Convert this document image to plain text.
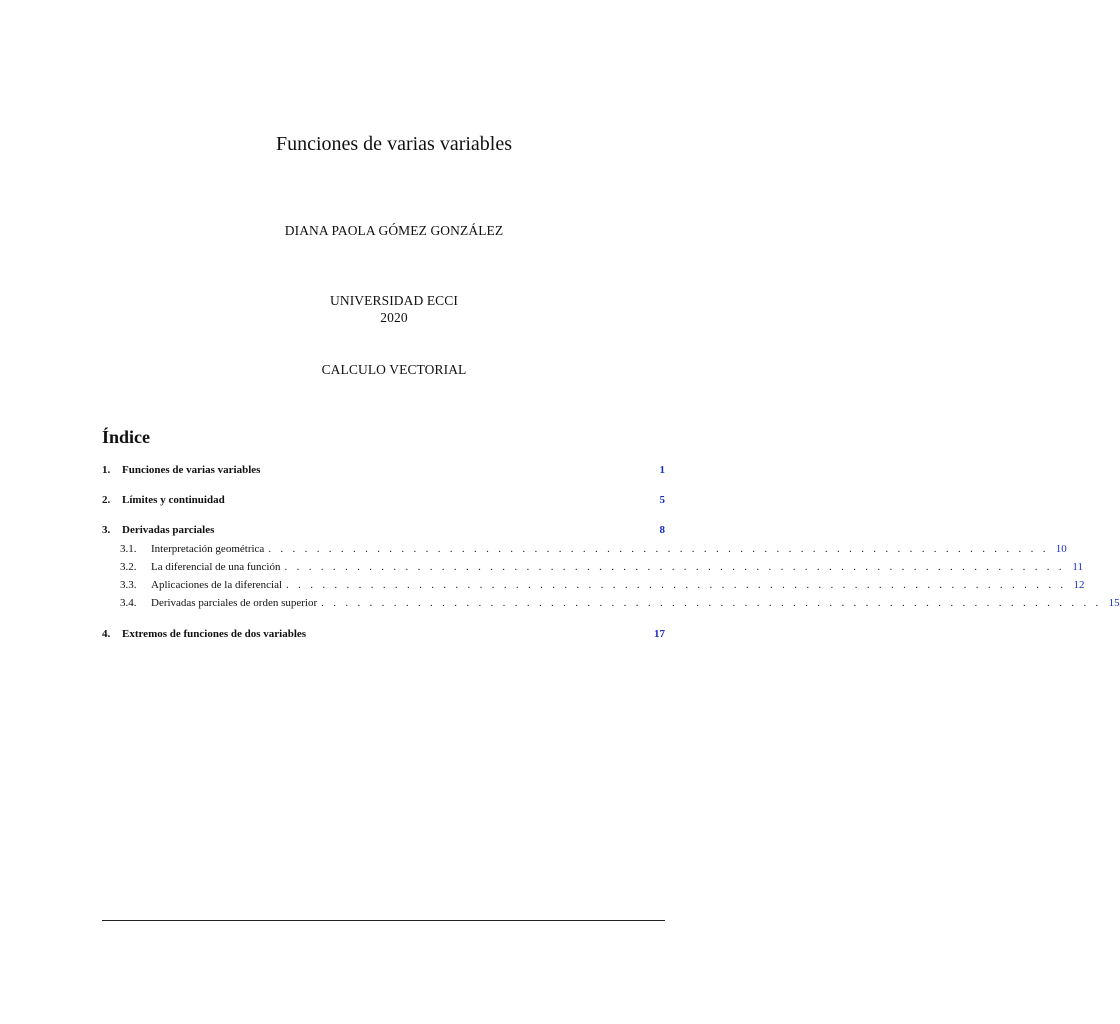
Funciones de varias variables
DIANA PAOLA GÓMEZ GONZÁLEZ
UNIVERSIDAD ECCI
2020
CALCULO VECTORIAL
Índice
1.	Funciones de varias variables	1
2.	Límites y continuidad	5
3.	Derivadas parciales	8
3.1.	Interpretación geométrica . . . . . . . . . . . . . . . . . . . . . . . . . . . . . . . . . . . . . . . . . . . . . . . . . . . . . . . . . . . . . . . . . 10
3.2.	La diferencial de una función . . . . . . . . . . . . . . . . . . . . . . . . . . . . . . . . . . . . . . . . . . . . . . . . . . . . . . . . . . . . . . . . . 11
3.3.	Aplicaciones de la diferencial . . . . . . . . . . . . . . . . . . . . . . . . . . . . . . . . . . . . . . . . . . . . . . . . . . . . . . . . . . . . . . . . . 12
3.4.	Derivadas parciales de orden superior . . . . . . . . . . . . . . . . . . . . . . . . . . . . . . . . . . . . . . . . . . . . . . . . . . . . . . . . . . . . . . . . . 15
4.	Extremos de funciones de dos variables	17
